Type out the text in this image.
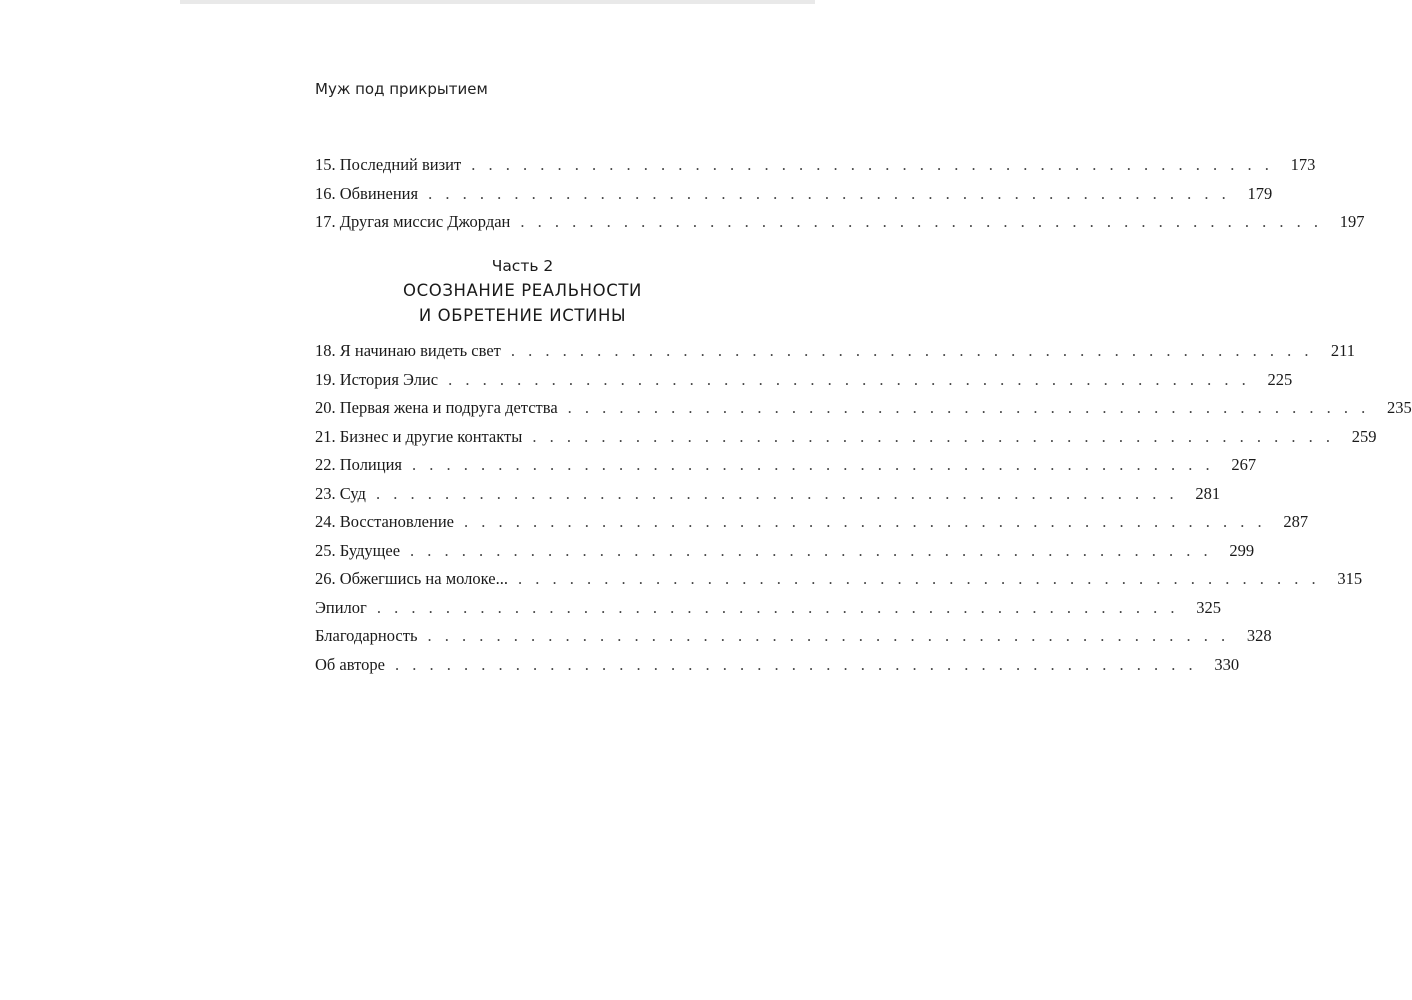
Муж под прикрытием
15. Последний визит . . . . . . . . . . . . . . . . . . . . . . . . . . . . . . . . . . . . . . . . . . . . . . .	173
16. Обвинения . . . . . . . . . . . . . . . . . . . . . . . . . . . . . . . . . . . . . . . . . . . . . . .	179
17. Другая миссис Джордан . . . . . . . . . . . . . . . . . . . . . . . . . . . . . . . . . . . . . . . . . . . . . . .	197
Часть 2
ОСОЗНАНИЕ РЕАЛЬНОСТИ
И ОБРЕТЕНИЕ ИСТИНЫ
18. Я начинаю видеть свет . . . . . . . . . . . . . . . . . . . . . . . . . . . . . . . . . . . . . . . . . . . . . . .	211
19. История Элис . . . . . . . . . . . . . . . . . . . . . . . . . . . . . . . . . . . . . . . . . . . . . . .	225
20. Первая жена и подруга детства . . . . . . . . . . . . . . . . . . . . . . . . . . . . . . . . . . . . . . . . . . . . . . .	235
21. Бизнес и другие контакты . . . . . . . . . . . . . . . . . . . . . . . . . . . . . . . . . . . . . . . . . . . . . . .	259
22. Полиция . . . . . . . . . . . . . . . . . . . . . . . . . . . . . . . . . . . . . . . . . . . . . . .	267
23. Суд . . . . . . . . . . . . . . . . . . . . . . . . . . . . . . . . . . . . . . . . . . . . . . .	281
24. Восстановление . . . . . . . . . . . . . . . . . . . . . . . . . . . . . . . . . . . . . . . . . . . . . . .	287
25. Будущее . . . . . . . . . . . . . . . . . . . . . . . . . . . . . . . . . . . . . . . . . . . . . . .	299
26. Обжегшись на молоке... . . . . . . . . . . . . . . . . . . . . . . . . . . . . . . . . . . . . . . . . . . . . . . .	315
Эпилог . . . . . . . . . . . . . . . . . . . . . . . . . . . . . . . . . . . . . . . . . . . . . . .	325
Благодарность . . . . . . . . . . . . . . . . . . . . . . . . . . . . . . . . . . . . . . . . . . . . . . .	328
Об авторе . . . . . . . . . . . . . . . . . . . . . . . . . . . . . . . . . . . . . . . . . . . . . . .	330
